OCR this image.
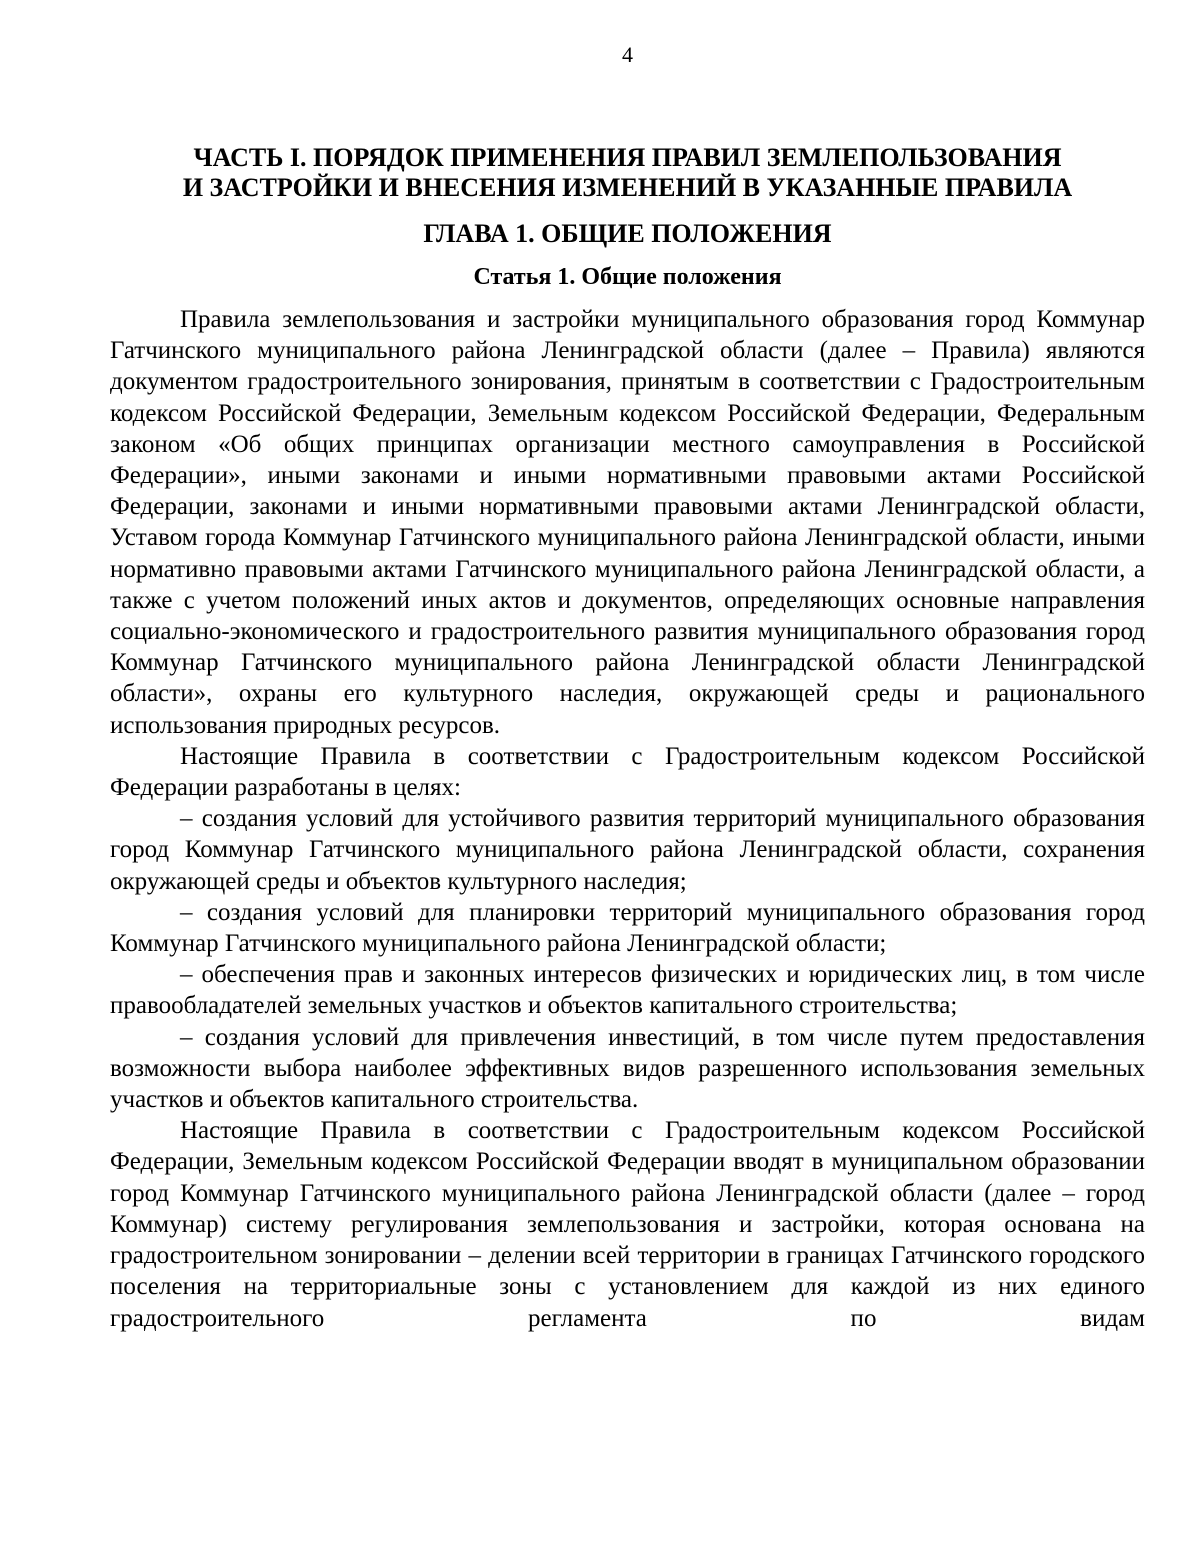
4
ЧАСТЬ I. ПОРЯДОК ПРИМЕНЕНИЯ ПРАВИЛ ЗЕМЛЕПОЛЬЗОВАНИЯ
И ЗАСТРОЙКИ И ВНЕСЕНИЯ ИЗМЕНЕНИЙ В УКАЗАННЫЕ ПРАВИЛА
ГЛАВА 1. ОБЩИЕ ПОЛОЖЕНИЯ
Статья 1. Общие положения

Правила землепользования и застройки муниципального образования город Коммунар Гатчинского муниципального района Ленинградской области (далее – Правила) являются документом градостроительного зонирования, принятым в соответствии с Градостроительным кодексом Российской Федерации, Земельным кодексом Российской Федерации, Федеральным законом «Об общих принципах организации местного самоуправления в Российской Федерации», иными законами и иными нормативными правовыми актами Российской Федерации, законами и иными нормативными правовыми актами Ленинградской области, Уставом города Коммунар Гатчинского муниципального района Ленинградской области, иными нормативно правовыми актами Гатчинского муниципального района Ленинградской области, а также с учетом положений иных актов и документов, определяющих основные направления социально-экономического и градостроительного развития муниципального образования город Коммунар Гатчинского муниципального района Ленинградской области Ленинградской области», охраны его культурного наследия, окружающей среды и рационального использования природных ресурсов.

Настоящие Правила в соответствии с Градостроительным кодексом Российской Федерации разработаны в целях:

– создания условий для устойчивого развития территорий муниципального образования город Коммунар Гатчинского муниципального района Ленинградской области, сохранения окружающей среды и объектов культурного наследия;

– создания условий для планировки территорий муниципального образования город Коммунар Гатчинского муниципального района Ленинградской области;

– обеспечения прав и законных интересов физических и юридических лиц, в том числе правообладателей земельных участков и объектов капитального строительства;

– создания условий для привлечения инвестиций, в том числе путем предоставления возможности выбора наиболее эффективных видов разрешенного использования земельных участков и объектов капитального строительства.

Настоящие Правила в соответствии с Градостроительным кодексом Российской Федерации, Земельным кодексом Российской Федерации вводят в муниципальном образовании город Коммунар Гатчинского муниципального района Ленинградской области (далее – город Коммунар) систему регулирования землепользования и застройки, которая основана на градостроительном зонировании – делении всей территории в границах Гатчинского городского поселения на территориальные зоны с установлением для каждой из них единого градостроительного регламента по видам
